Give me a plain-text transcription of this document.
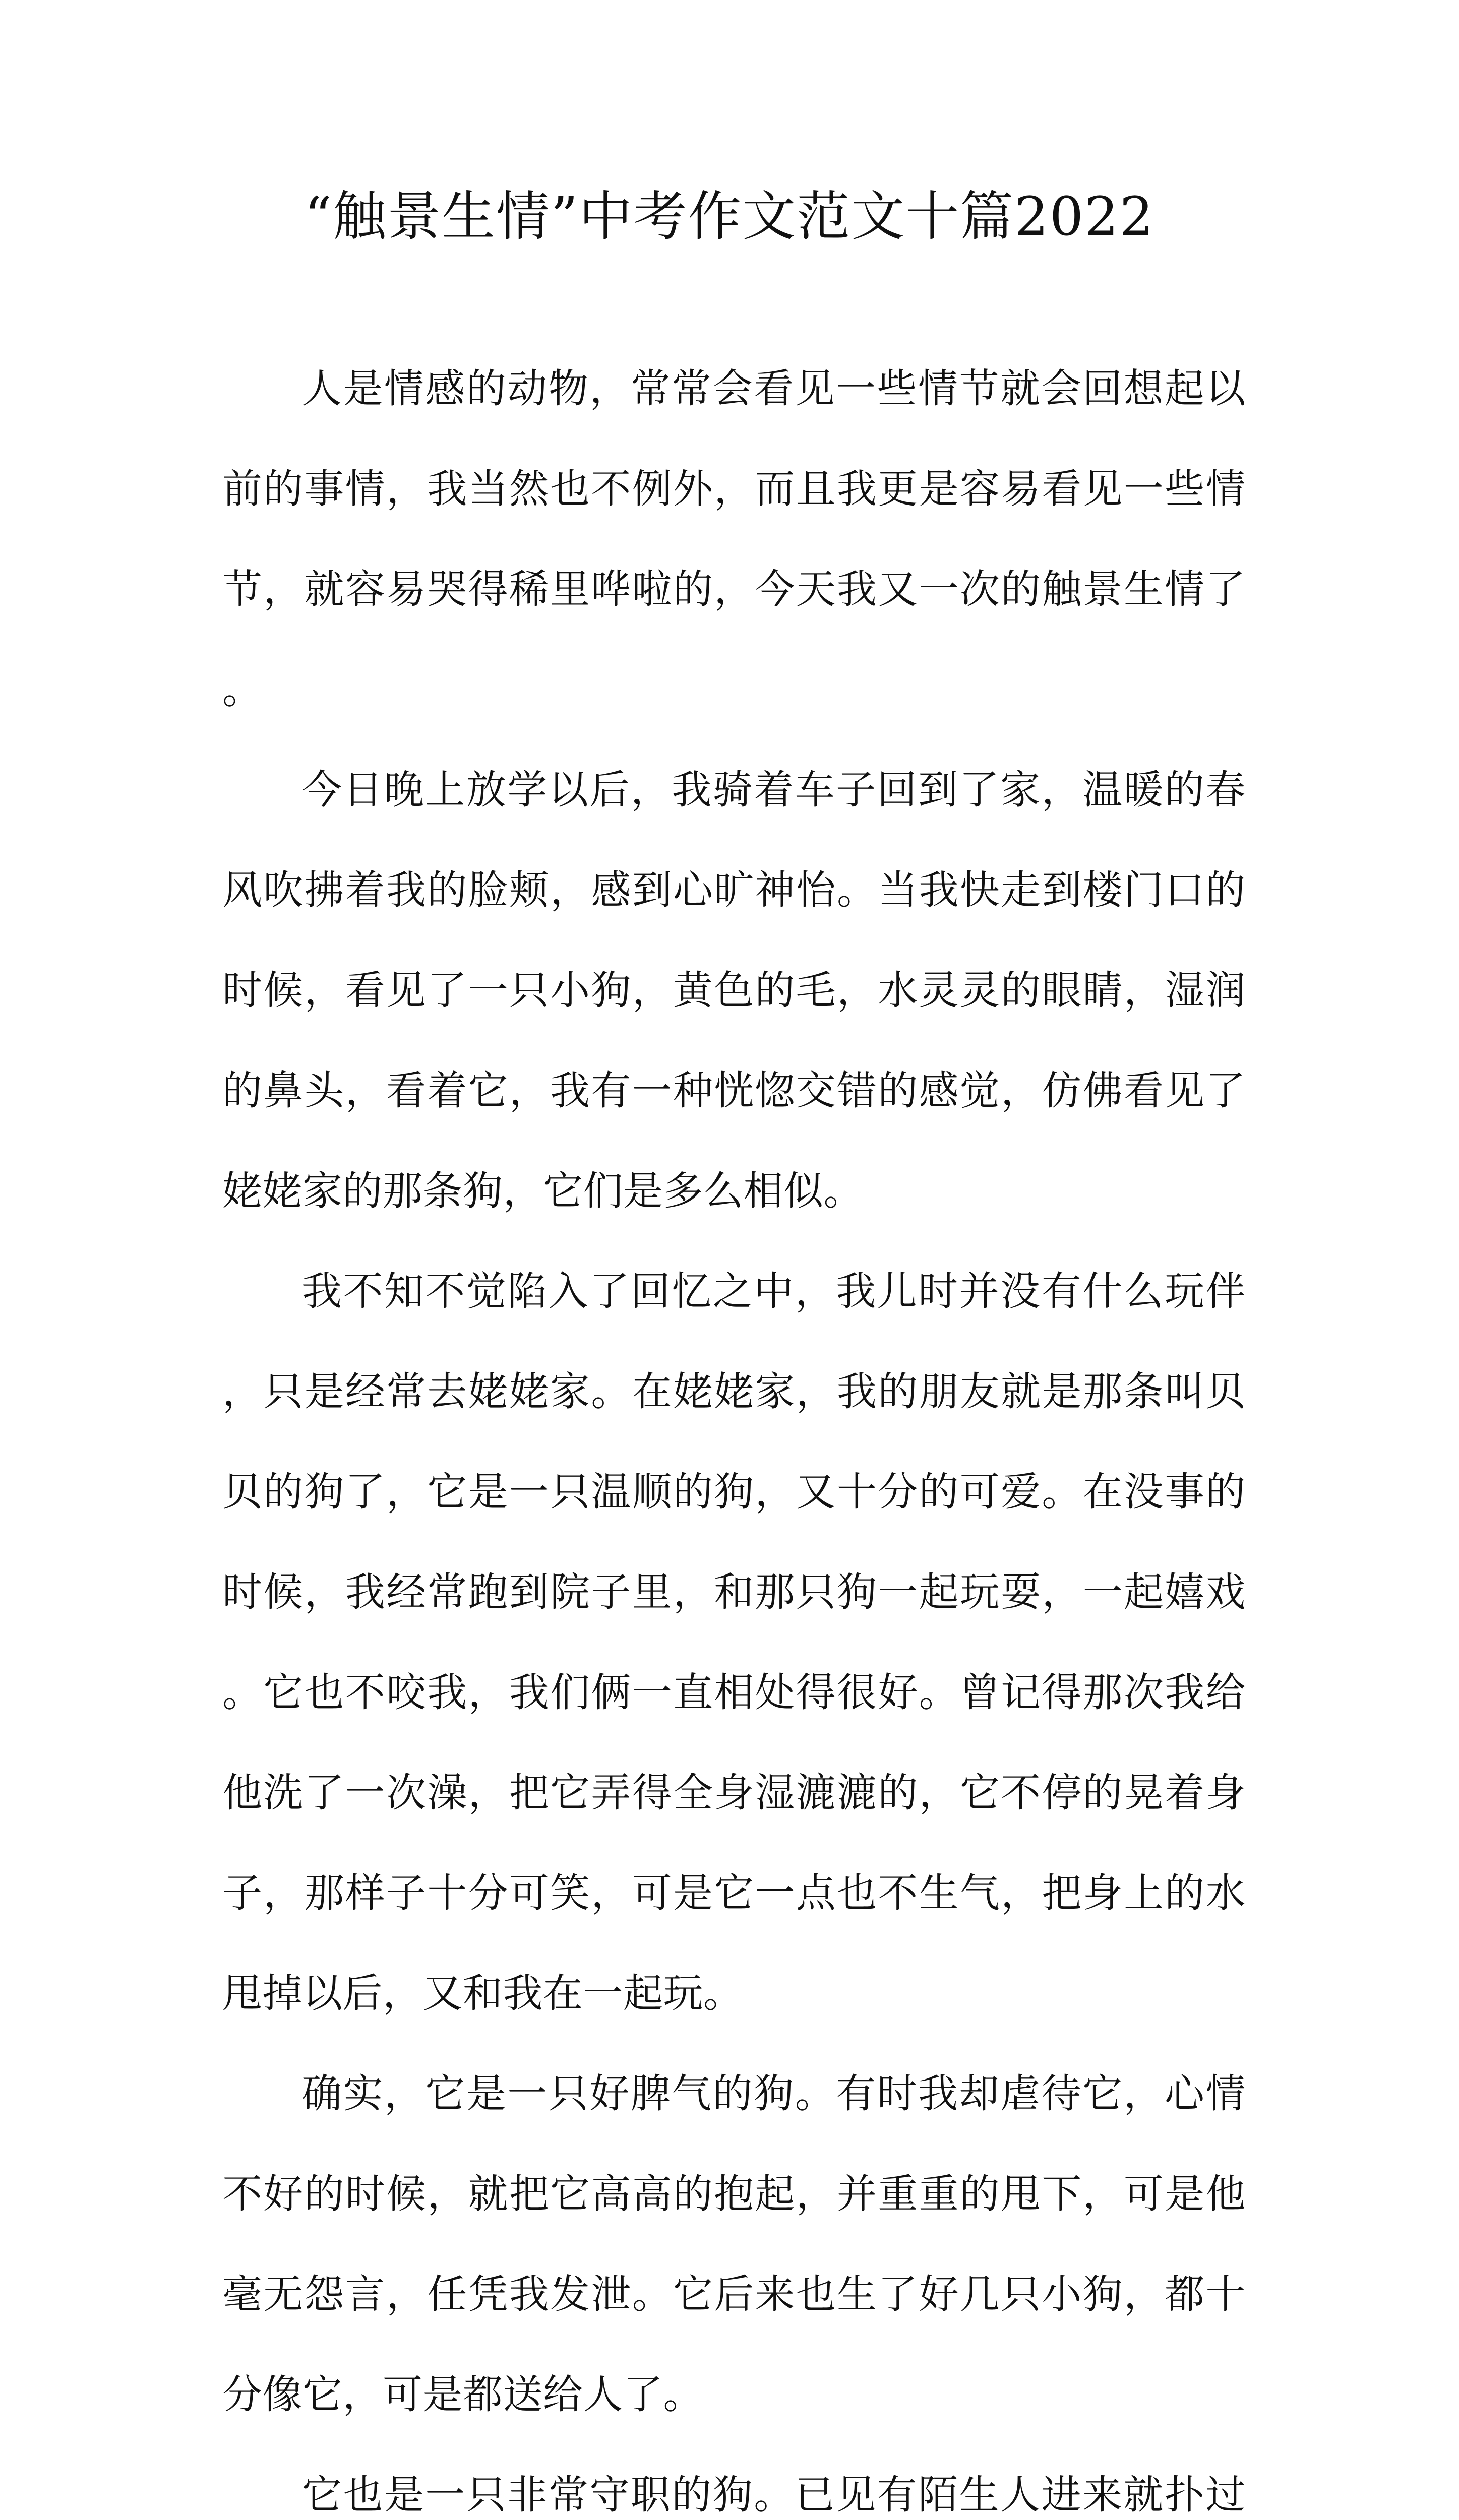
“触景生情”中考作文范文十篇2022

人是情感的动物，常常会看见一些情节就会回想起以前的事情，我当然也不例外，而且我更是容易看见一些情节，就容易哭得稀里哗啦的，今天我又一次的触景生情了。

今日晚上放学以后，我骑着车子回到了家，温暖的春风吹拂着我的脸颊，感到心旷神怡。当我快走到楼门口的时候，看见了一只小狗，黄色的毛，水灵灵的眼睛，湿润的鼻头，看着它，我有一种恍惚交错的感觉，仿佛看见了姥姥家的那条狗，它们是多么相似。

我不知不觉陷入了回忆之中，我儿时并没有什么玩伴，只是经常去姥姥家。在姥姥家，我的朋友就是那条叫贝贝的狗了，它是一只温顺的狗，又十分的可爱。在没事的时候，我经常跑到院子里，和那只狗一起玩耍，一起嬉戏。它也不咬我，我们俩一直相处得很好。曾记得那次我给他洗了一次澡，把它弄得全身湿漉漉的，它不停的晃着身子，那样子十分可笑，可是它一点也不生气，把身上的水甩掉以后，又和我在一起玩。

确实，它是一只好脾气的狗。有时我却虐待它，心情不好的时候，就把它高高的抱起，并重重的甩下，可是他毫无怨言，任凭我发泄。它后来也生了好几只小狗，都十分像它，可是都送给人了。

它也是一只非常守职的狗。已见有陌生人进来就扑过
